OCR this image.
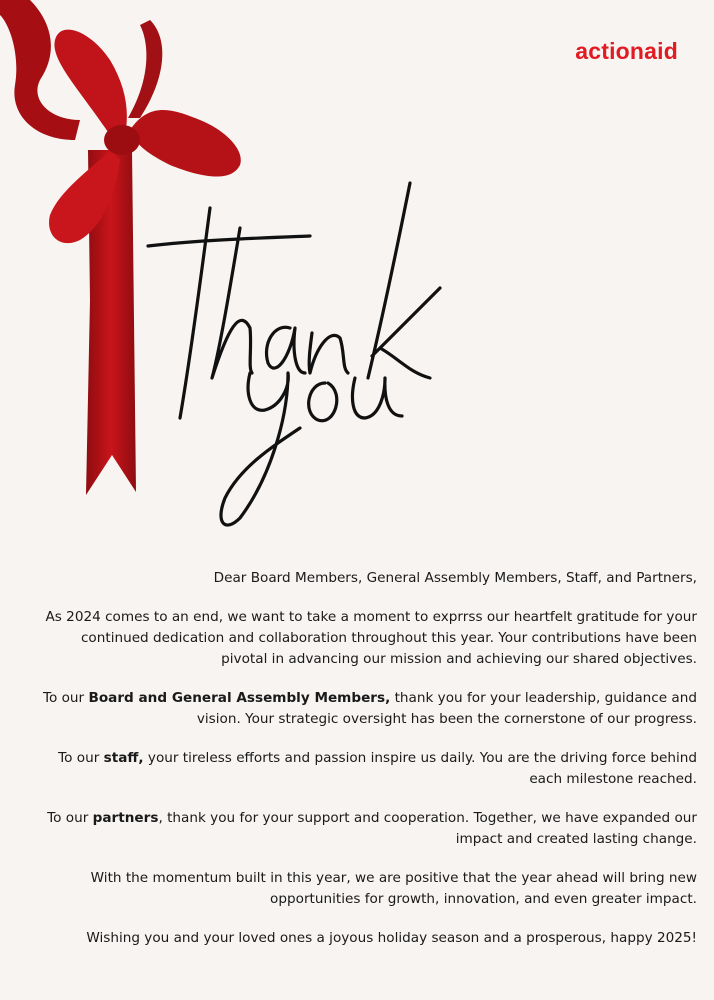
actionaid

Dear Board Members, General Assembly Members, Staff, and Partners,

As 2024 comes to an end, we want to take a moment to exprrss our heartfelt gratitude for your continued dedication and collaboration throughout this year. Your contributions have been pivotal in advancing our mission and achieving our shared objectives.

To our Board and General Assembly Members, thank you for your leadership, guidance and vision. Your strategic oversight has been the cornerstone of our progress.

To our staff, your tireless efforts and passion inspire us daily. You are the driving force behind each milestone reached.

To our partners, thank you for your support and cooperation. Together, we have expanded our impact and created lasting change.

With the momentum built in this year, we are positive that the year ahead will bring new opportunities for growth, innovation, and even greater impact.

Wishing you and your loved ones a joyous holiday season and a prosperous, happy 2025!
